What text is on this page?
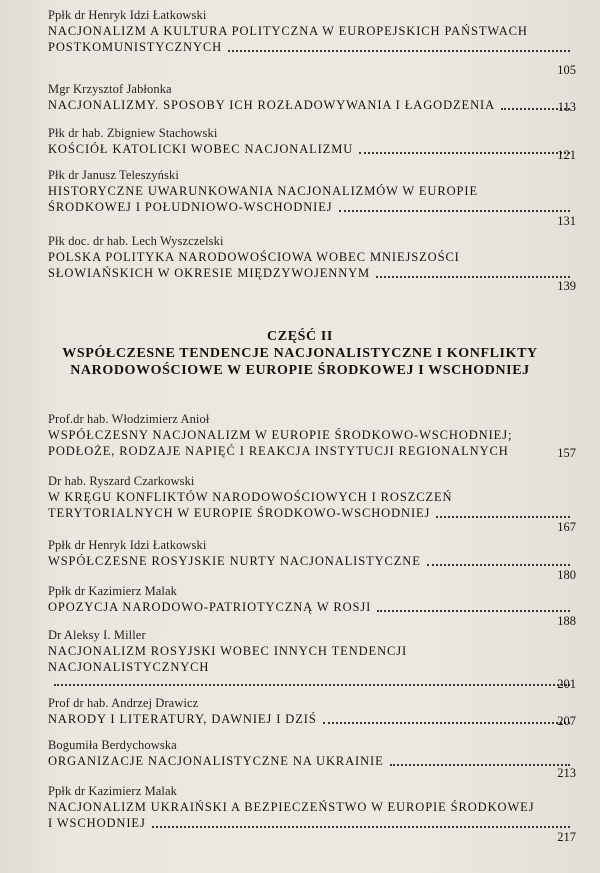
Ppłk dr Henryk Idzi Łatkowski
NACJONALIZM A KULTURA POLITYCZNA W EUROPEJSKICH PAŃSTWACH
POSTKOMUNISTYCZNYCH
105
Mgr Krzysztof Jabłonka
NACJONALIZMY. SPOSOBY ICH ROZŁADOWYWANIA I ŁAGODZENIA	113
Płk dr hab. Zbigniew Stachowski
KOŚCIÓŁ KATOLICKI WOBEC NACJONALIZMU	121
Płk dr Janusz Teleszyński
HISTORYCZNE UWARUNKOWANIA NACJONALIZMÓW W EUROPIE
ŚRODKOWEJ I POŁUDNIOWO-WSCHODNIEJ
131
Płk doc. dr hab. Lech Wyszczelski
POLSKA POLITYKA NARODOWOŚCIOWA WOBEC MNIEJSZOŚCI
SŁOWIAŃSKICH W OKRESIE MIĘDZYWOJENNYM
139
CZĘŚĆ II
WSPÓŁCZESNE TENDENCJE NACJONALISTYCZNE I KONFLIKTY
NARODOWOŚCIOWE W EUROPIE ŚRODKOWEJ I WSCHODNIEJ
Prof.dr hab. Włodzimierz Anioł
WSPÓŁCZESNY NACJONALIZM W EUROPIE ŚRODKOWO-WSCHODNIEJ;
PODŁOŻE, RODZAJE NAPIĘĆ I REAKCJA INSTYTUCJI REGIONALNYCH	157
Dr hab. Ryszard Czarkowski
W KRĘGU KONFLIKTÓW NARODOWOŚCIOWYCH I ROSZCZEŃ
TERYTORIALNYCH W EUROPIE ŚRODKOWO-WSCHODNIEJ
167
Ppłk dr Henryk Idzi Łatkowski
WSPÓŁCZESNE ROSYJSKIE NURTY NACJONALISTYCZNE
180
Ppłk dr Kazimierz Malak
OPOZYCJA NARODOWO-PATRIOTYCZNĄ W ROSJI
188
Dr Aleksy I. Miller
NACJONALIZM ROSYJSKI WOBEC INNYCH TENDENCJI
NACJONALISTYCZNYCH
201
Prof dr hab. Andrzej Drawicz
NARODY I LITERATURY, DAWNIEJ I DZIŚ	207
Bogumiła Berdychowska
ORGANIZACJE NACJONALISTYCZNE NA UKRAINIE
213
Ppłk dr Kazimierz Malak
NACJONALIZM UKRAIŃSKI A BEZPIECZEŃSTWO W EUROPIE ŚRODKOWEJ
I WSCHODNIEJ
217
